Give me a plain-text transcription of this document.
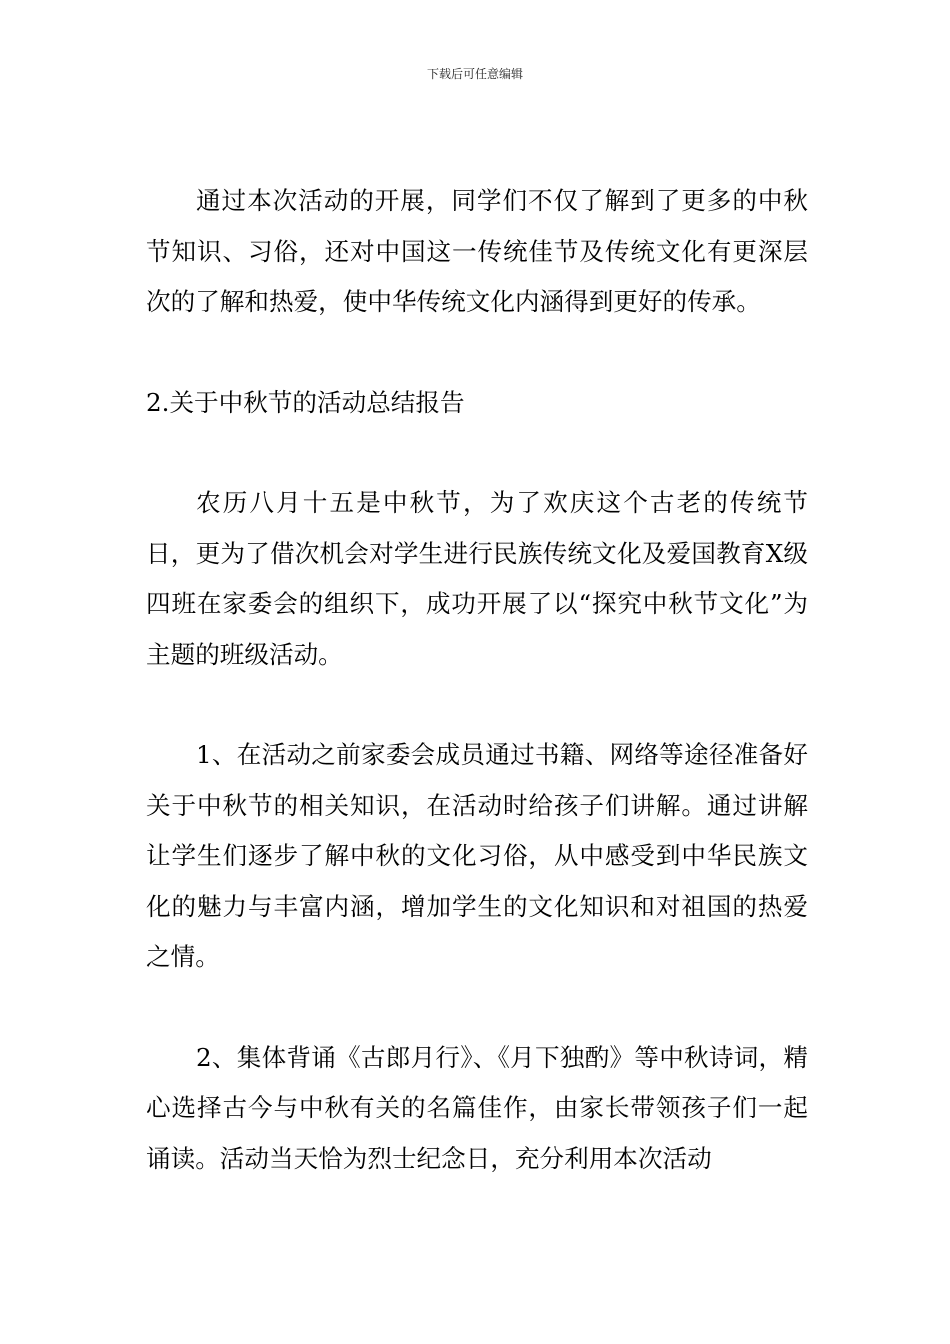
下载后可任意编辑

通过本次活动的开展，同学们不仅了解到了更多的中秋节知识、习俗，还对中国这一传统佳节及传统文化有更深层次的了解和热爱，使中华传统文化内涵得到更好的传承。

2.关于中秋节的活动总结报告

农历八月十五是中秋节，为了欢庆这个古老的传统节日，更为了借次机会对学生进行民族传统文化及爱国教育X级四班在家委会的组织下，成功开展了以“探究中秋节文化”为主题的班级活动。

1、在活动之前家委会成员通过书籍、网络等途径准备好关于中秋节的相关知识，在活动时给孩子们讲解。通过讲解让学生们逐步了解中秋的文化习俗，从中感受到中华民族文化的魅力与丰富内涵，增加学生的文化知识和对祖国的热爱之情。

2、集体背诵《古郎月行》、《月下独酌》等中秋诗词，精心选择古今与中秋有关的名篇佳作，由家长带领孩子们一起诵读。活动当天恰为烈士纪念日，充分利用本次活动
